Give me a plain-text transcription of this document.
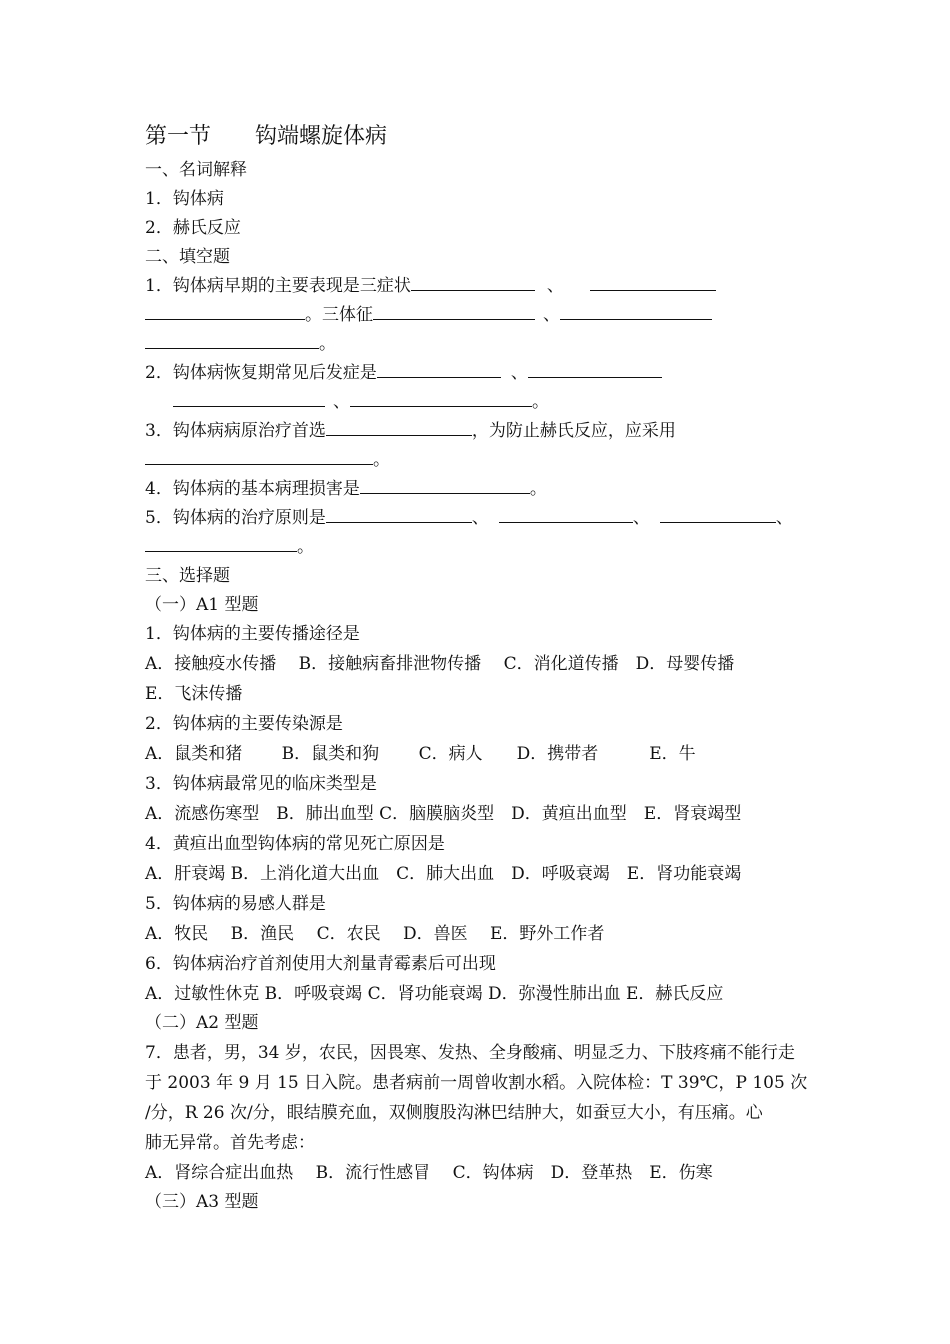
第一节 钩端螺旋体病
一、名词解释
1．钩体病
2．赫氏反应
二、填空题
1．钩体病早期的主要表现是三症状	、
。三体征	、
。
2．钩体病恢复期常见后发症是	、
、	。
3．钩体病病原治疗首选	，为防止赫氏反应，应采用
。
4．钩体病的基本病理损害是	。
5．钩体病的治疗原则是	、	、	、
。
三、选择题
（一）A1 型题
1．钩体病的主要传播途径是
A．接触疫水传播　 B．接触病畜排泄物传播　 C．消化道传播　D．母婴传播
E．飞沫传播
2．钩体病的主要传染源是
A．鼠类和猪　　 B．鼠类和狗　　 C．病人　　D．携带者　　　E．牛
3．钩体病最常见的临床类型是
A．流感伤寒型　B．肺出血型 C．脑膜脑炎型　D．黄疸出血型　E．肾衰竭型
4．黄疸出血型钩体病的常见死亡原因是
A．肝衰竭 B．上消化道大出血　C．肺大出血　D．呼吸衰竭　E．肾功能衰竭
5．钩体病的易感人群是
A．牧民　 B．渔民　 C．农民　 D．兽医　 E．野外工作者
6．钩体病治疗首剂使用大剂量青霉素后可出现
A．过敏性休克 B．呼吸衰竭 C．肾功能衰竭 D．弥漫性肺出血 E．赫氏反应
（二）A2 型题
7．患者，男，34 岁，农民，因畏寒、发热、全身酸痛、明显乏力、下肢疼痛不能行走
于 2003 年 9 月 15 日入院。患者病前一周曾收割水稻。入院体检：T 39℃，P 105 次
/分，R 26 次/分，眼结膜充血，双侧腹股沟淋巴结肿大，如蚕豆大小，有压痛。心
肺无异常。首先考虑：
A．肾综合症出血热　 B．流行性感冒　 C．钩体病　D．登革热　E．伤寒
（三）A3 型题
